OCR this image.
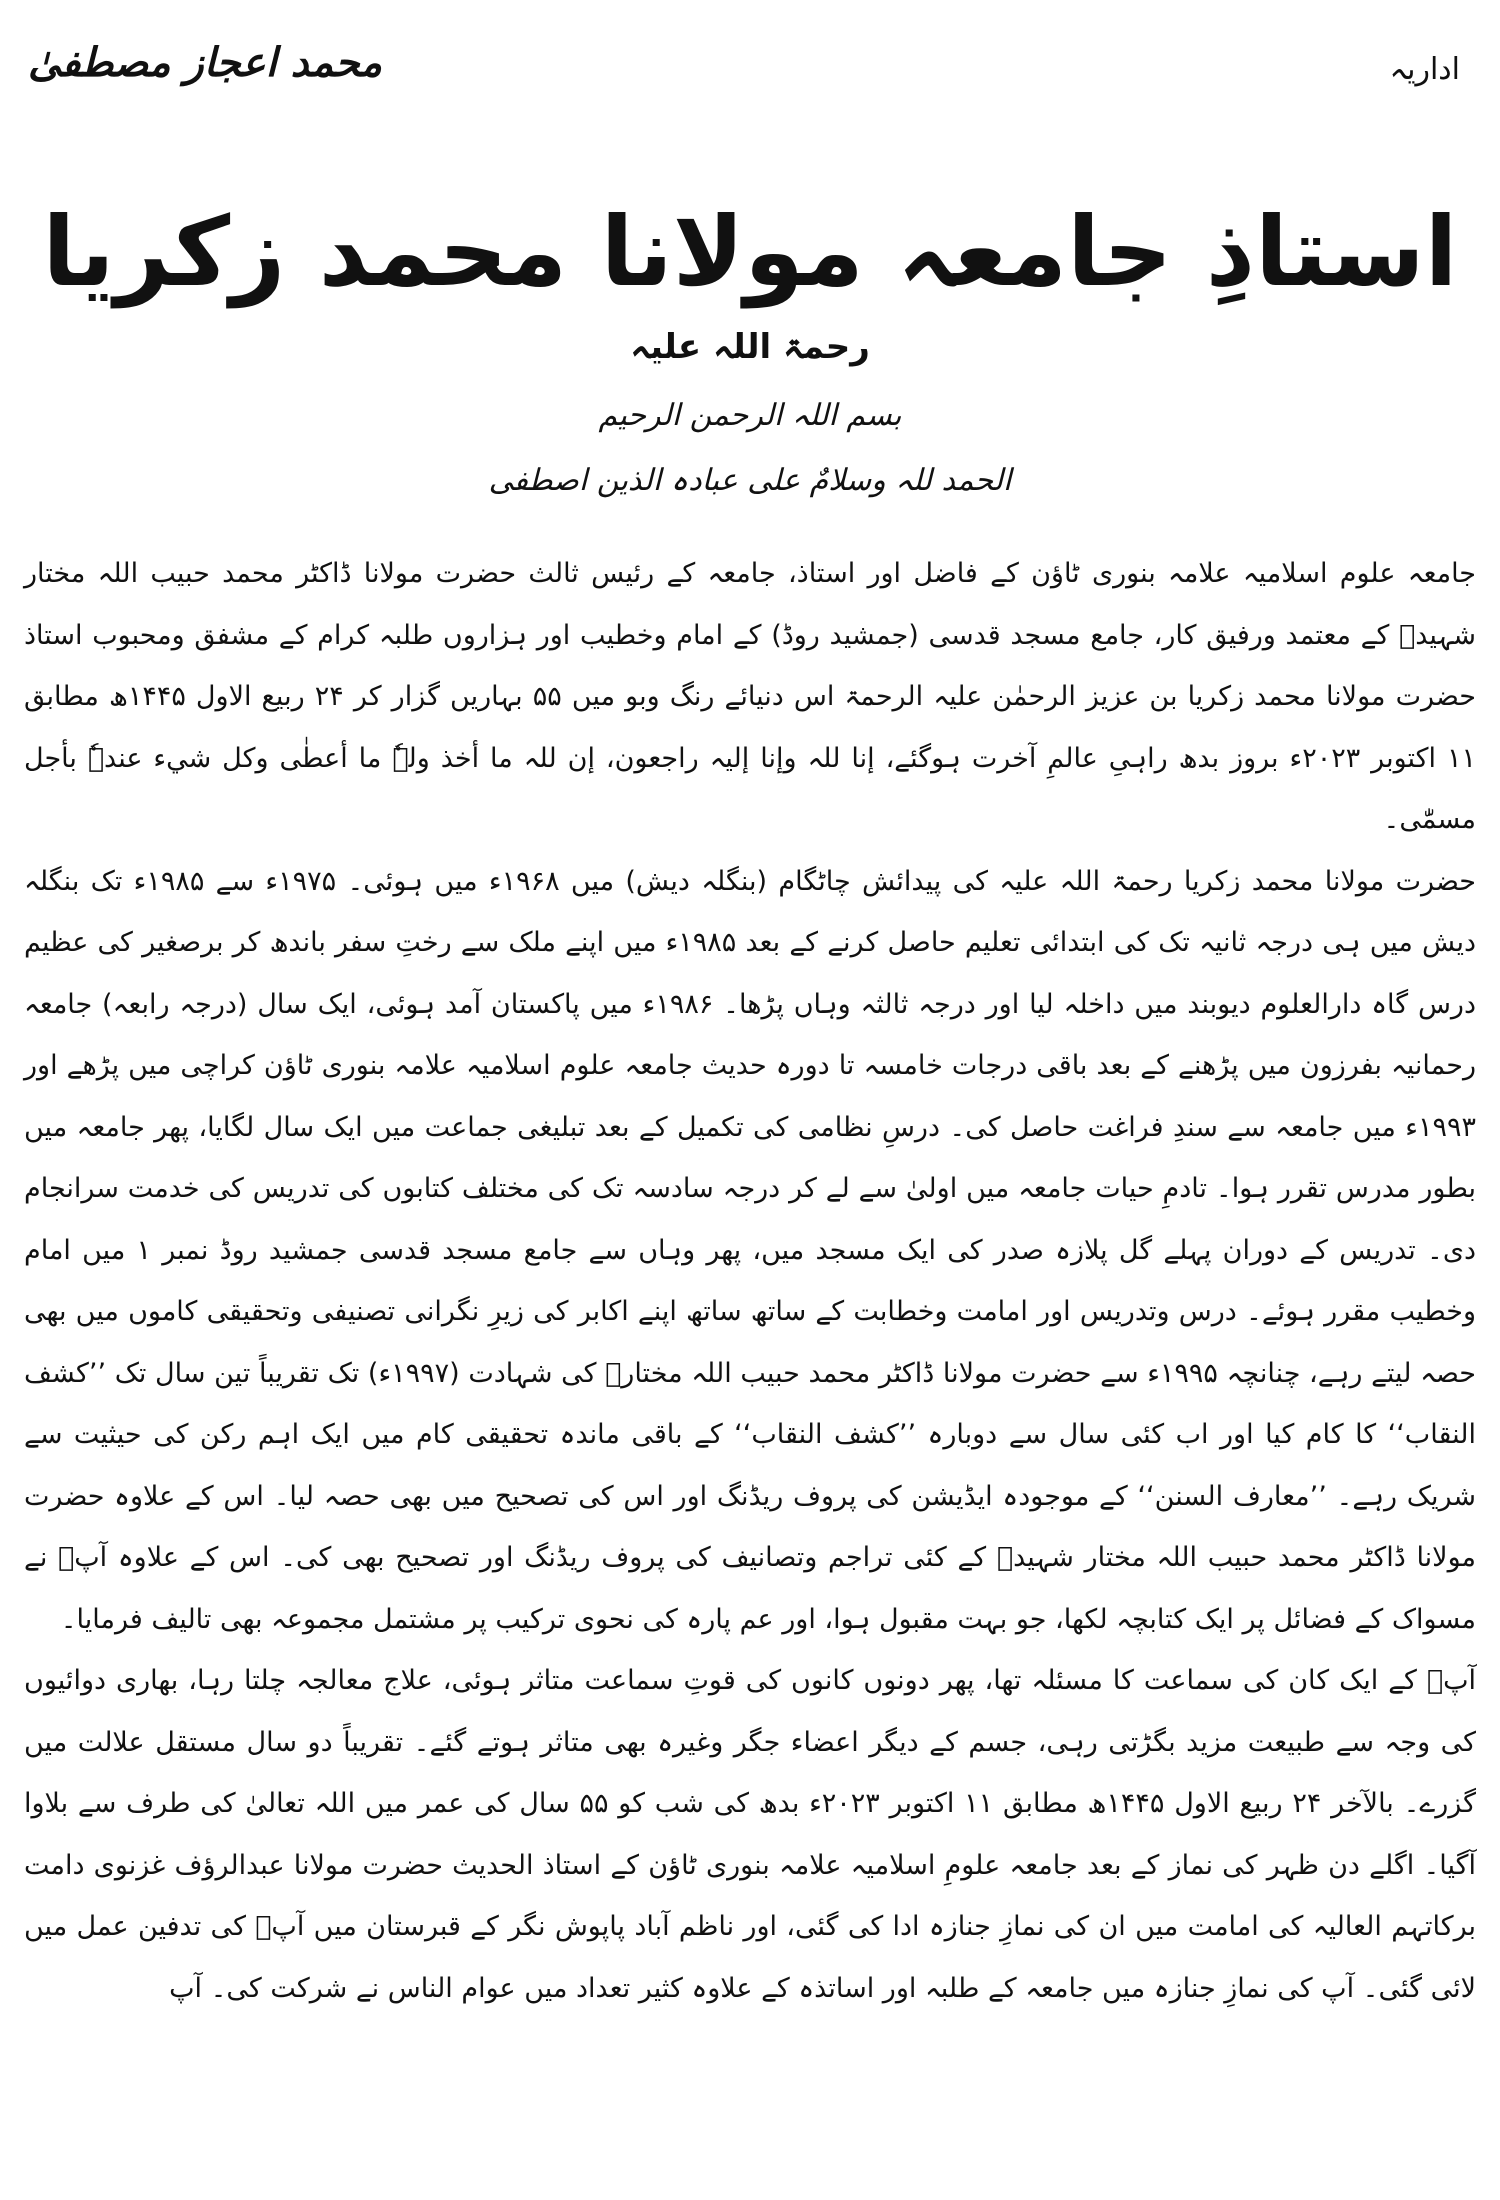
اداریہ
محمد اعجاز مصطفیٰ
استاذِ جامعہ مولانا محمد زکریا $^{رحمۃ اللہ علیہ}$
بسم اللہ الرحمن الرحیم
الحمد للہ وسلامٌ علی عبادہ الذین اصطفی

جامعہ علوم اسلامیہ علامہ بنوری ٹاؤن کے فاضل اور استاذ، جامعہ کے رئیس ثالث حضرت مولانا ڈاکٹر محمد حبیب اللہ مختار شہیدؒ کے معتمد ورفیق کار، جامع مسجد قدسی (جمشید روڈ) کے امام وخطیب اور ہزاروں طلبہ کرام کے مشفق ومحبوب استاذ حضرت مولانا محمد زکریا بن عزیز الرحمٰن علیہ الرحمۃ اس دنیائے رنگ وبو میں ۵۵ بہاریں گزار کر ۲۴ ربیع الاول ۱۴۴۵ھ مطابق ۱۱ اکتوبر ۲۰۲۳ء بروز بدھ راہیِ عالمِ آخرت ہوگئے، إنا للہ وإنا إلیہ راجعون، إن للہ ما أخذ ولہٗ ما أعطٰی وکل شيء عندہٗ بأجل مسمّٰی۔

حضرت مولانا محمد زکریا رحمۃ اللہ علیہ کی پیدائش چاٹگام (بنگلہ دیش) میں ۱۹۶۸ء میں ہوئی۔ ۱۹۷۵ء سے ۱۹۸۵ء تک بنگلہ دیش میں ہی درجہ ثانیہ تک کی ابتدائی تعلیم حاصل کرنے کے بعد ۱۹۸۵ء میں اپنے ملک سے رختِ سفر باندھ کر برصغیر کی عظیم درس گاہ دارالعلوم دیوبند میں داخلہ لیا اور درجہ ثالثہ وہاں پڑھا۔ ۱۹۸۶ء میں پاکستان آمد ہوئی، ایک سال (درجہ رابعہ) جامعہ رحمانیہ بفرزون میں پڑھنے کے بعد باقی درجات خامسہ تا دورہ حدیث جامعہ علوم اسلامیہ علامہ بنوری ٹاؤن کراچی میں پڑھے اور ۱۹۹۳ء میں جامعہ سے سندِ فراغت حاصل کی۔ درسِ نظامی کی تکمیل کے بعد تبلیغی جماعت میں ایک سال لگایا، پھر جامعہ میں بطور مدرس تقرر ہوا۔ تادمِ حیات جامعہ میں اولیٰ سے لے کر درجہ سادسہ تک کی مختلف کتابوں کی تدریس کی خدمت سرانجام دی۔ تدریس کے دوران پہلے گل پلازہ صدر کی ایک مسجد میں، پھر وہاں سے جامع مسجد قدسی جمشید روڈ نمبر ۱ میں امام وخطیب مقرر ہوئے۔ درس وتدریس اور امامت وخطابت کے ساتھ ساتھ اپنے اکابر کی زیرِ نگرانی تصنیفی وتحقیقی کاموں میں بھی حصہ لیتے رہے، چنانچہ ۱۹۹۵ء سے حضرت مولانا ڈاکٹر محمد حبیب اللہ مختارؒ کی شہادت (۱۹۹۷ء) تک تقریباً تین سال تک ’’کشف النقاب‘‘ کا کام کیا اور اب کئی سال سے دوبارہ ’’کشف النقاب‘‘ کے باقی ماندہ تحقیقی کام میں ایک اہم رکن کی حیثیت سے شریک رہے۔ ’’معارف السنن‘‘ کے موجودہ ایڈیشن کی پروف ریڈنگ اور اس کی تصحیح میں بھی حصہ لیا۔ اس کے علاوہ حضرت مولانا ڈاکٹر محمد حبیب اللہ مختار شہیدؒ کے کئی تراجم وتصانیف کی پروف ریڈنگ اور تصحیح بھی کی۔ اس کے علاوہ آپؒ نے مسواک کے فضائل پر ایک کتابچہ لکھا، جو بہت مقبول ہوا، اور عم پارہ کی نحوی ترکیب پر مشتمل مجموعہ بھی تالیف فرمایا۔

آپؒ کے ایک کان کی سماعت کا مسئلہ تھا، پھر دونوں کانوں کی قوتِ سماعت متاثر ہوئی، علاج معالجہ چلتا رہا، بھاری دوائیوں کی وجہ سے طبیعت مزید بگڑتی رہی، جسم کے دیگر اعضاء جگر وغیرہ بھی متاثر ہوتے گئے۔ تقریباً دو سال مستقل علالت میں گزرے۔ بالآخر ۲۴ ربیع الاول ۱۴۴۵ھ مطابق ۱۱ اکتوبر ۲۰۲۳ء بدھ کی شب کو ۵۵ سال کی عمر میں اللہ تعالیٰ کی طرف سے بلاوا آگیا۔ اگلے دن ظہر کی نماز کے بعد جامعہ علومِ اسلامیہ علامہ بنوری ٹاؤن کے استاذ الحدیث حضرت مولانا عبدالرؤف غزنوی دامت برکاتہم العالیہ کی امامت میں ان کی نمازِ جنازہ ادا کی گئی، اور ناظم آباد پاپوش نگر کے قبرستان میں آپؒ کی تدفین عمل میں لائی گئی۔ آپ کی نمازِ جنازہ میں جامعہ کے طلبہ اور اساتذہ کے علاوہ کثیر تعداد میں عوام الناس نے شرکت کی۔ آپ
